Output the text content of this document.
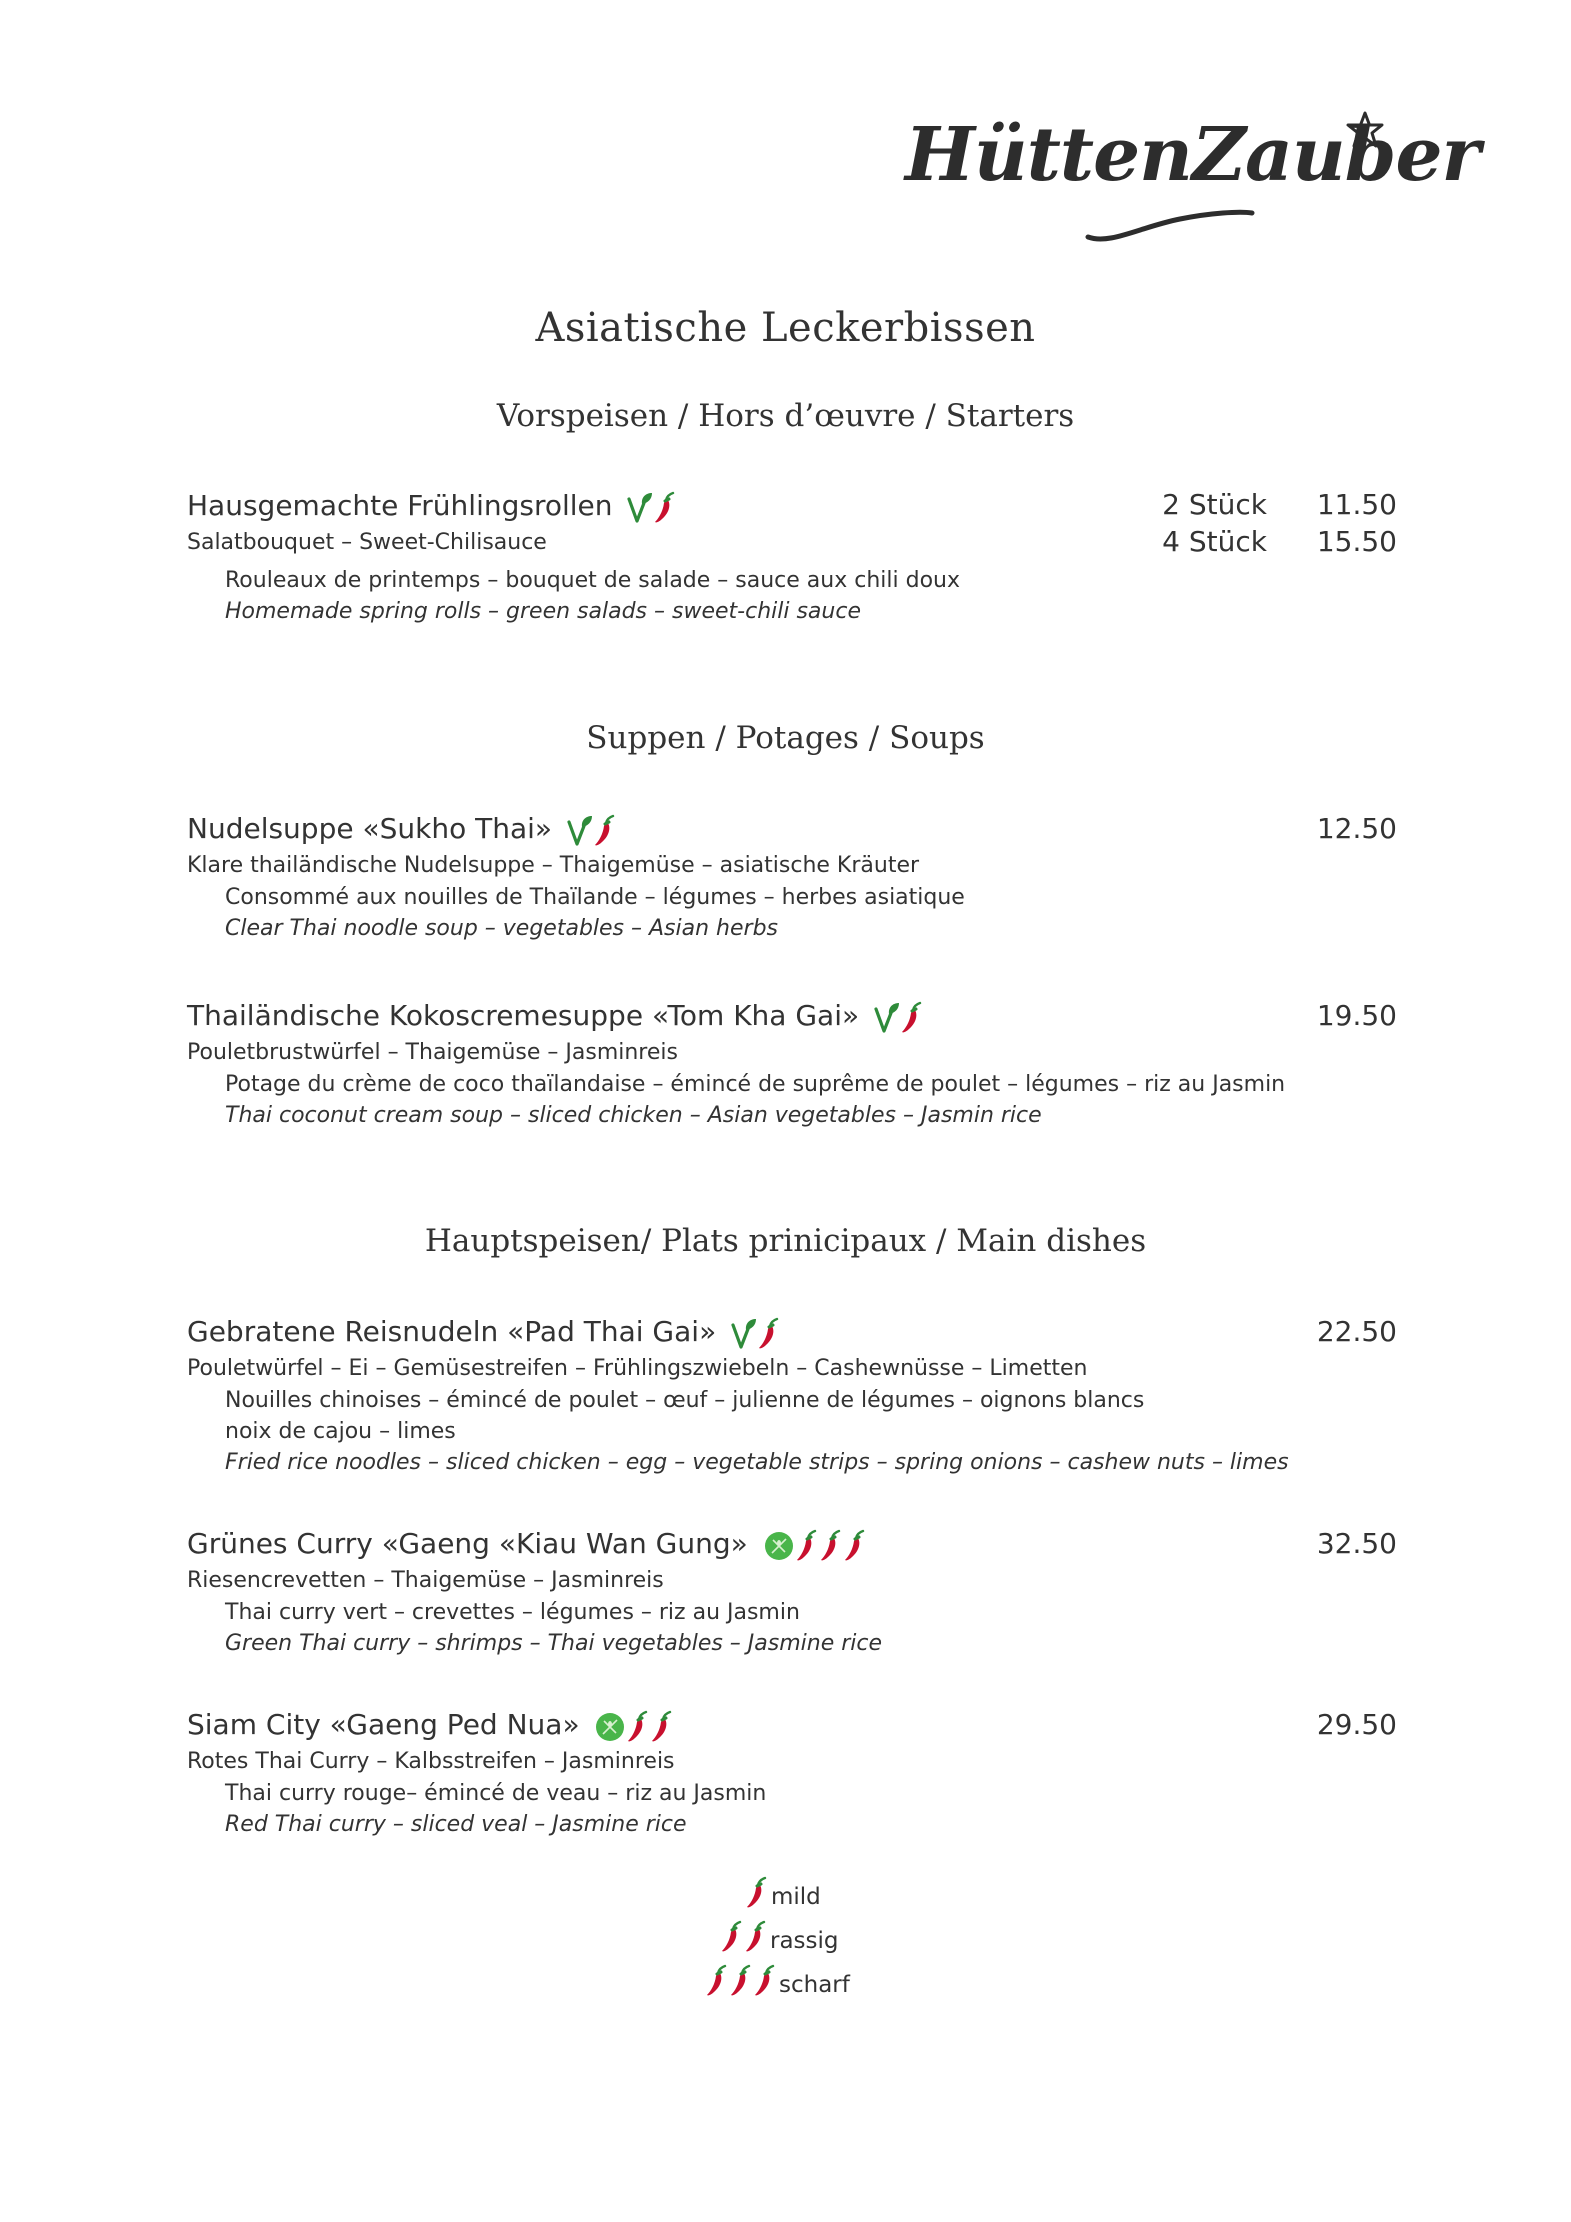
HüttenZauber
Asiatische Leckerbissen
Vorspeisen / Hors d’œuvre / Starters
Hausgemachte Frühlingsrollen
Salatbouquet – Sweet-Chilisauce
Rouleaux de printemps – bouquet de salade – sauce aux chili doux
Homemade spring rolls – green salads – sweet-chili sauce
2 Stück
4 Stück
11.50
15.50
Suppen / Potages / Soups
Nudelsuppe «Sukho Thai»
Klare thailändische Nudelsuppe – Thaigemüse – asiatische Kräuter
Consommé aux nouilles de Thaïlande – légumes – herbes asiatique
Clear Thai noodle soup – vegetables – Asian herbs
12.50
Thailändische Kokoscremesuppe «Tom Kha Gai»
Pouletbrustwürfel – Thaigemüse – Jasminreis
Potage du crème de coco thaïlandaise – émincé de suprême de poulet – légumes – riz au Jasmin
Thai coconut cream soup – sliced chicken – Asian vegetables – Jasmin rice
19.50
Hauptspeisen/ Plats prinicipaux / Main dishes
Gebratene Reisnudeln «Pad Thai Gai»
Pouletwürfel – Ei – Gemüsestreifen – Frühlingszwiebeln – Cashewnüsse – Limetten
Nouilles chinoises – émincé de poulet – œuf – julienne de légumes – oignons blancs
noix de cajou – limes
Fried rice noodles – sliced chicken – egg – vegetable strips – spring onions – cashew nuts – limes
22.50
Grünes Curry «Gaeng «Kiau Wan Gung»
Riesencrevetten – Thaigemüse – Jasminreis
Thai curry vert – crevettes – légumes – riz au Jasmin
Green Thai curry – shrimps – Thai vegetables – Jasmine rice
32.50
Siam City «Gaeng Ped Nua»
Rotes Thai Curry – Kalbsstreifen – Jasminreis
Thai curry rouge– émincé de veau – riz au Jasmin
Red Thai curry – sliced veal – Jasmine rice
29.50
mild
rassig
scharf
